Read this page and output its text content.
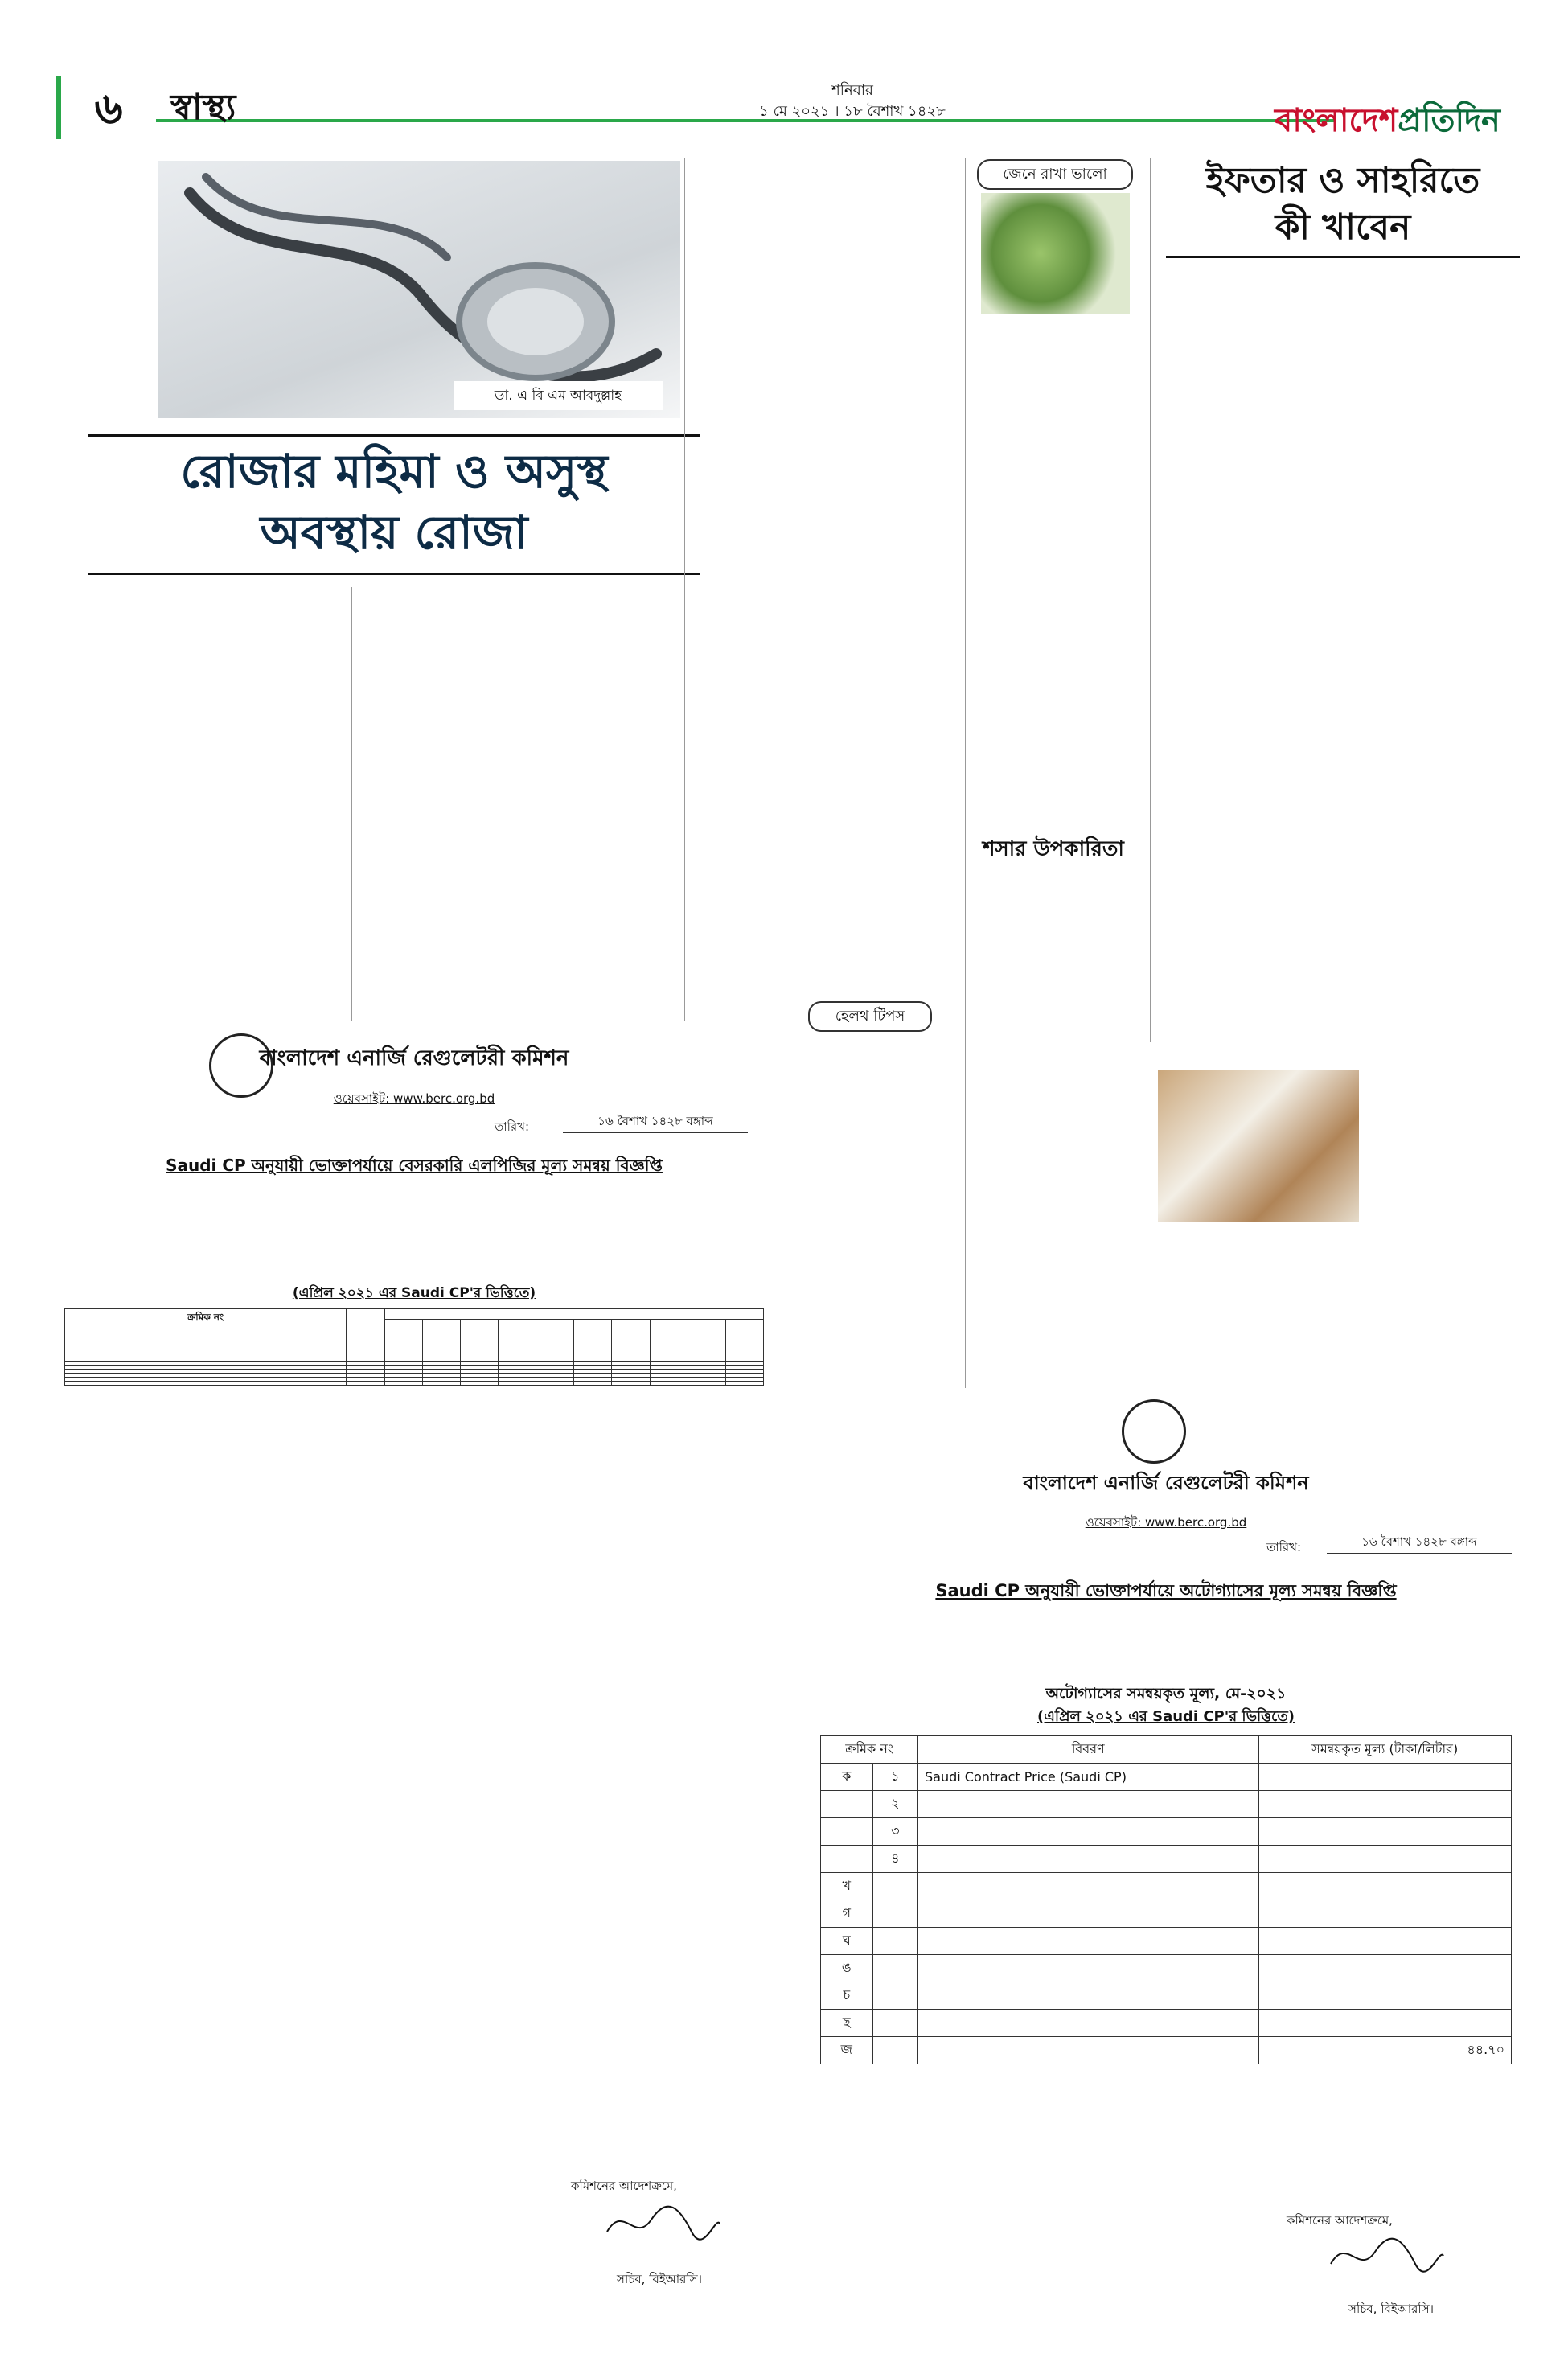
৬	স্বাস্থ্য	শনিবার
১ মে ২০২১ । ১৮ বৈশাখ ১৪২৮	বাংলাদেশপ্রতিদিন
ডা. এ বি এম আবদুল্লাহ
রোজার মহিমা ও অসুস্থ
অবস্থায় রোজা
জেনে রাখা ভালো
শসার উপকারিতা
হেলথ টিপস
ইফতার ও সাহরিতে
কী খাবেন
বাংলাদেশ এনার্জি রেগুলেটরী কমিশন
ওয়েবসাইট: www.berc.org.bd
তারিখ:	১৬ বৈশাখ ১৪২৮ বঙ্গাব্দ
Saudi CP অনুযায়ী ভোক্তাপর্যায়ে বেসরকারি এলপিজির মূল্য সমন্বয় বিজ্ঞপ্তি
(এপ্রিল ২০২১ এর Saudi CP'র ভিত্তিতে)
ক্রমিক নং											

কমিশনের আদেশক্রমে,
সচিব, বিইআরসি।
বাংলাদেশ এনার্জি রেগুলেটরী কমিশন
ওয়েবসাইট: www.berc.org.bd
তারিখ:	১৬ বৈশাখ ১৪২৮ বঙ্গাব্দ
Saudi CP অনুযায়ী ভোক্তাপর্যায়ে অটোগ্যাসের মূল্য সমন্বয় বিজ্ঞপ্তি
অটোগ্যাসের সমন্বয়কৃত মূল্য, মে-২০২১
(এপ্রিল ২০২১ এর Saudi CP'র ভিত্তিতে)
ক্রমিক নং		বিবরণ	সমন্বয়কৃত মূল্য (টাকা/লিটার)
ক	১	Saudi Contract Price (Saudi CP)	
	২		
	৩		
	৪		
খ			
গ			
ঘ			
ঙ			
চ			
ছ			
জ			৪৪.৭০
কমিশনের আদেশক্রমে,
সচিব, বিইআরসি।
